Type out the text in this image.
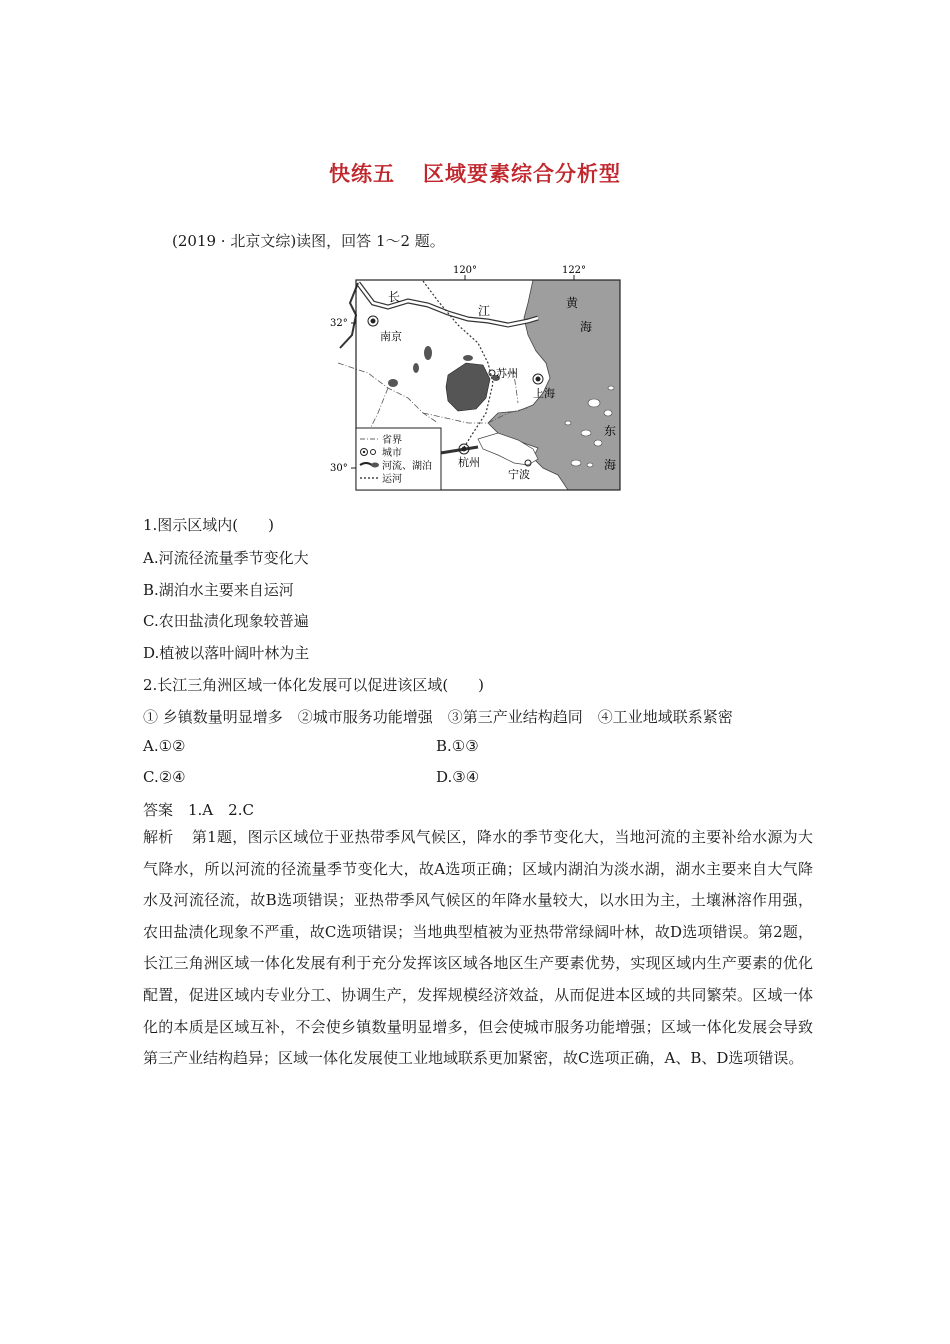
快练五 区域要素综合分析型
(2019 · 北京文综)读图，回答 1～2 题。
120°	122°
32°
30°
长
江
南京
苏州
上海
杭州
宁波
黄
海
东
海
省界
城市
河流、湖泊
运河
1.图示区域内(　　)
A.河流径流量季节变化大
B.湖泊水主要来自运河
C.农田盐渍化现象较普遍
D.植被以落叶阔叶林为主
2.长江三角洲区域一体化发展可以促进该区域(　　)
① 乡镇数量明显增多　②城市服务功能增强　③第三产业结构趋同　④工业地域联系紧密
A.①②	B.①③
C.②④	D.③④
答案　1.A　2.C
解析 第1题，图示区域位于亚热带季风气候区，降水的季节变化大，当地河流的主要补给水源为大气降水，所以河流的径流量季节变化大，故A选项正确；区域内湖泊为淡水湖，湖水主要来自大气降水及河流径流，故B选项错误；亚热带季风气候区的年降水量较大，以水田为主，土壤淋溶作用强，农田盐渍化现象不严重，故C选项错误；当地典型植被为亚热带常绿阔叶林，故D选项错误。第2题，长江三角洲区域一体化发展有利于充分发挥该区域各地区生产要素优势，实现区域内生产要素的优化配置，促进区域内专业分工、协调生产，发挥规模经济效益，从而促进本区域的共同繁荣。区域一体化的本质是区域互补，不会使乡镇数量明显增多，但会使城市服务功能增强；区域一体化发展会导致第三产业结构趋异；区域一体化发展使工业地域联系更加紧密，故C选项正确，A、B、D选项错误。
